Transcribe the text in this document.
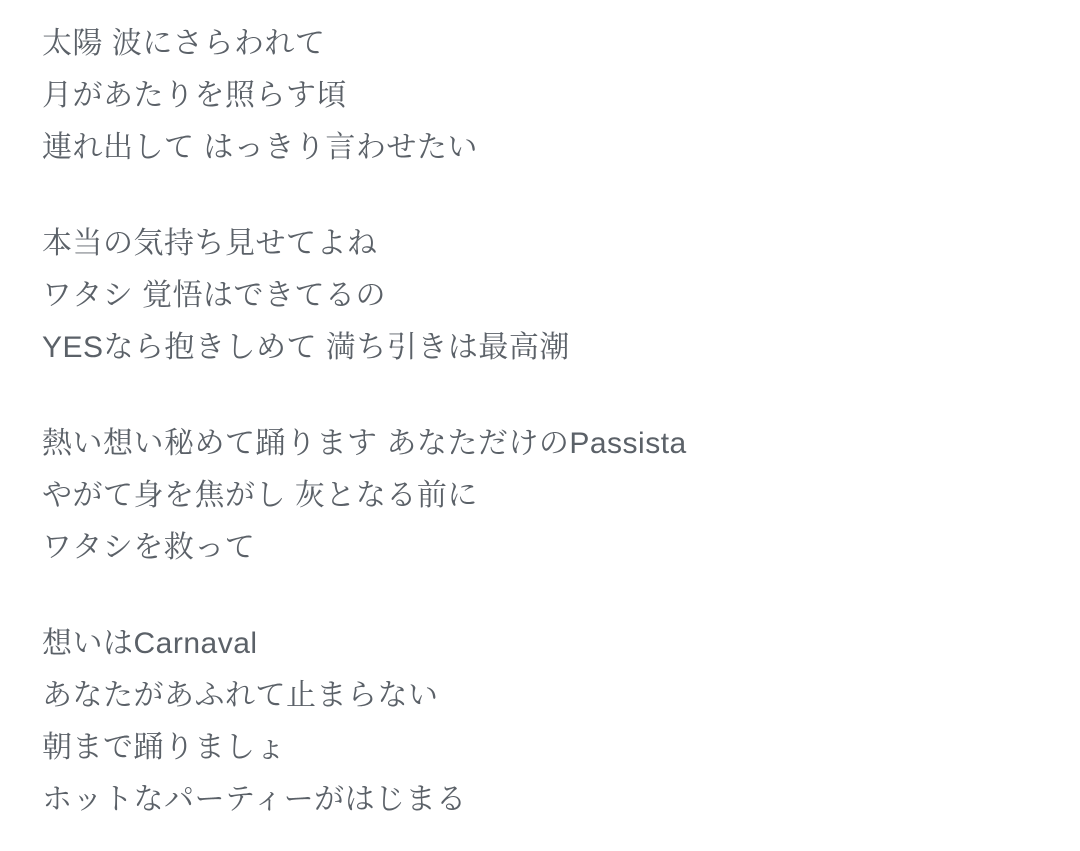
太陽 波にさらわれて

月があたりを照らす頃

連れ出して はっきり言わせたい

本当の気持ち見せてよね

ワタシ 覚悟はできてるの

YESなら抱きしめて 満ち引きは最高潮

熱い想い秘めて踊ります あなただけのPassista

やがて身を焦がし 灰となる前に

ワタシを救って

想いはCarnaval

あなたがあふれて止まらない

朝まで踊りましょ

ホットなパーティーがはじまる
